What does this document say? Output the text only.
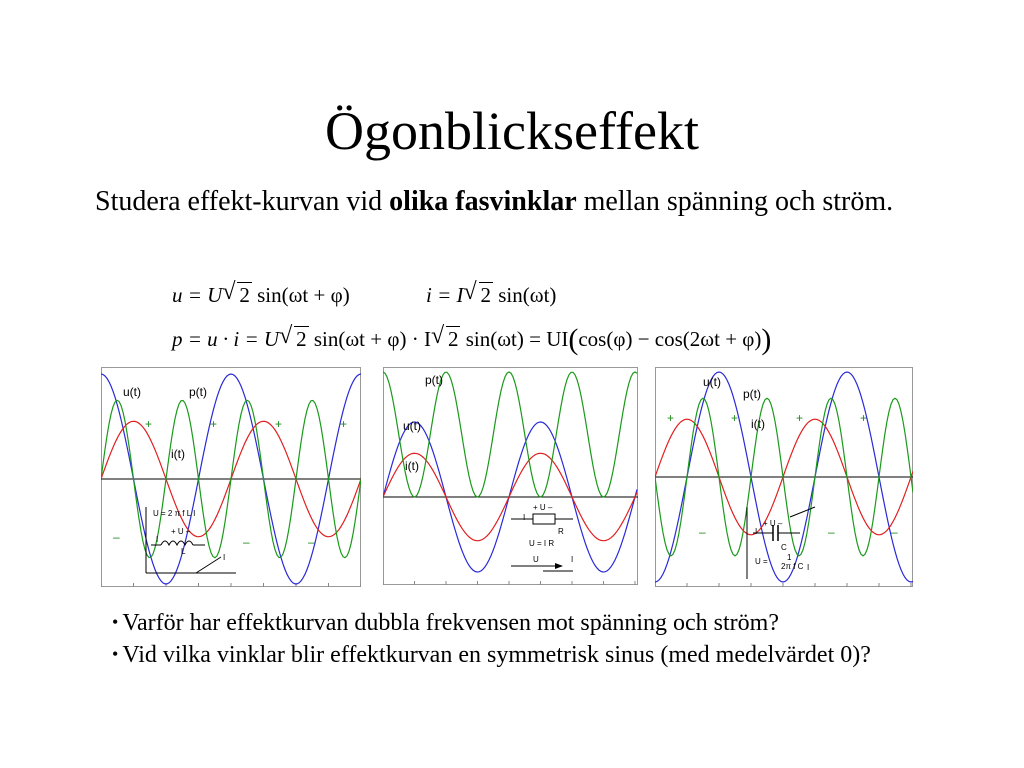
Ögonblickseffekt
Studera effekt-kurvan vid olika fasvinklar mellan spänning och ström.
u = U √ 2 sin(ωt + φ)	i = I √ 2 sin(ωt)
p = u · i = U √ 2 sin(ωt + φ) · I √ 2 sin(ωt) = UI(cos(φ) − cos(2ωt + φ))
u(t)	p(t)
i(t)
+	+	+	+
–	–	–
U = 2 π f L I
+ U –
I
L
I
p(t)
u(t)
i(t)
I
+ U –
R
U = I R
U	I
u(t)
p(t)
i(t)
+	+	+	+
–	–	–
+ U –
I
C
U = 1
2π f C I
• Varför har effektkurvan dubbla frekvensen mot spänning och ström?
• Vid vilka vinklar blir effektkurvan en symmetrisk sinus (med medelvärdet 0)?
